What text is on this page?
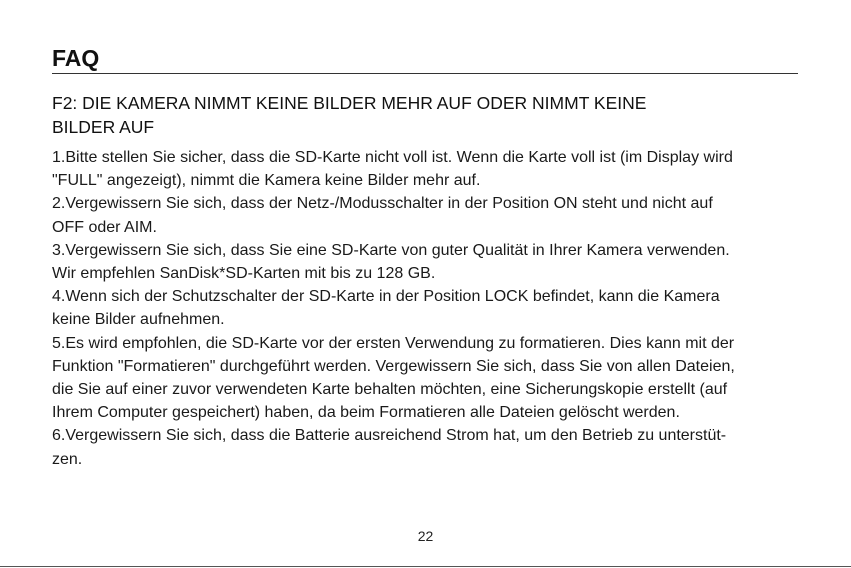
FAQ
F2: DIE KAMERA NIMMT KEINE BILDER MEHR AUF ODER NIMMT KEINE
BILDER AUF
1.Bitte stellen Sie sicher, dass die SD-Karte nicht voll ist. Wenn die Karte voll ist (im Display wird
"FULL" angezeigt), nimmt die Kamera keine Bilder mehr auf.
2.Vergewissern Sie sich, dass der Netz-/Modusschalter in der Position ON steht und nicht auf
OFF oder AIM.
3.Vergewissern Sie sich, dass Sie eine SD-Karte von guter Qualität in Ihrer Kamera verwenden.
Wir empfehlen SanDisk*SD-Karten mit bis zu 128 GB.
4.Wenn sich der Schutzschalter der SD-Karte in der Position LOCK befindet, kann die Kamera
keine Bilder aufnehmen.
5.Es wird empfohlen, die SD-Karte vor der ersten Verwendung zu formatieren. Dies kann mit der
Funktion "Formatieren" durchgeführt werden. Vergewissern Sie sich, dass Sie von allen Dateien,
die Sie auf einer zuvor verwendeten Karte behalten möchten, eine Sicherungskopie erstellt (auf
Ihrem Computer gespeichert) haben, da beim Formatieren alle Dateien gelöscht werden.
6.Vergewissern Sie sich, dass die Batterie ausreichend Strom hat, um den Betrieb zu unterstüt-
zen.
22
